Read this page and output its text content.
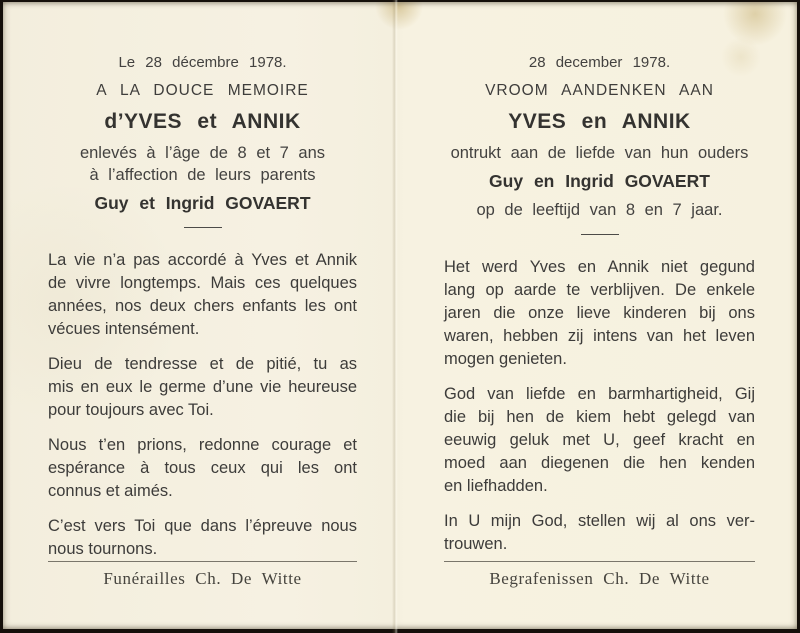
Le 28 décembre 1978.
A LA DOUCE MEMOIRE
d’YVES et ANNIK
enlevés à l’âge de 8 et 7 ans
à l’affection de leurs parents
Guy et Ingrid GOVAERT
La vie n’a pas accordé à Yves et Annik
de vivre longtemps. Mais ces quelques
années, nos deux chers enfants les ont
vécues intensément.
Dieu de tendresse et de pitié, tu as
mis en eux le germe d’une vie heureuse
pour toujours avec Toi.
Nous t’en prions, redonne courage et
espérance à tous ceux qui les ont
connus et aimés.
C’est vers Toi que dans l’épreuve nous
nous tournons.
Funérailles Ch. De Witte
28 december 1978.
VROOM AANDENKEN AAN
YVES en ANNIK
ontrukt aan de liefde van hun ouders
Guy en Ingrid GOVAERT
op de leeftijd van 8 en 7 jaar.
Het werd Yves en Annik niet gegund
lang op aarde te verblijven. De enkele
jaren die onze lieve kinderen bij ons
waren, hebben zij intens van het leven
mogen genieten.
God van liefde en barmhartigheid, Gij
die bij hen de kiem hebt gelegd van
eeuwig geluk met U, geef kracht en
moed aan diegenen die hen kenden
en liefhadden.
In U mijn God, stellen wij al ons ver-
trouwen.
Begrafenissen Ch. De Witte
